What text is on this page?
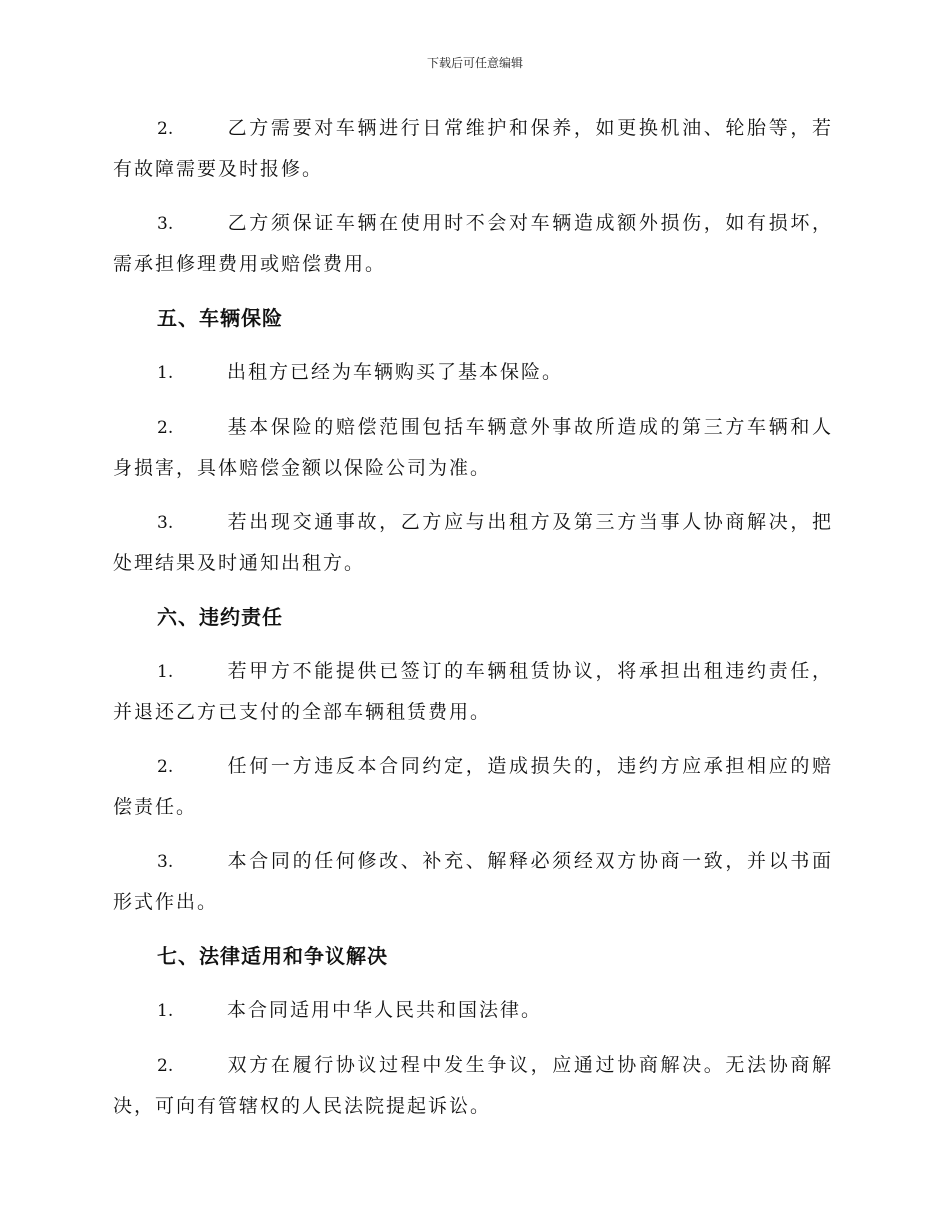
下载后可任意编辑
2.	乙方需要对车辆进行日常维护和保养，如更换机油、轮胎等，若有故障需要及时报修。
3.	乙方须保证车辆在使用时不会对车辆造成额外损伤，如有损坏，需承担修理费用或赔偿费用。
五、车辆保险
1.	出租方已经为车辆购买了基本保险。
2.	基本保险的赔偿范围包括车辆意外事故所造成的第三方车辆和人身损害，具体赔偿金额以保险公司为准。
3.	若出现交通事故，乙方应与出租方及第三方当事人协商解决，把处理结果及时通知出租方。
六、违约责任
1.	若甲方不能提供已签订的车辆租赁协议，将承担出租违约责任，并退还乙方已支付的全部车辆租赁费用。
2.	任何一方违反本合同约定，造成损失的，违约方应承担相应的赔偿责任。
3.	本合同的任何修改、补充、解释必须经双方协商一致，并以书面形式作出。
七、法律适用和争议解决
1.	本合同适用中华人民共和国法律。
2.	双方在履行协议过程中发生争议，应通过协商解决。无法协商解决，可向有管辖权的人民法院提起诉讼。
